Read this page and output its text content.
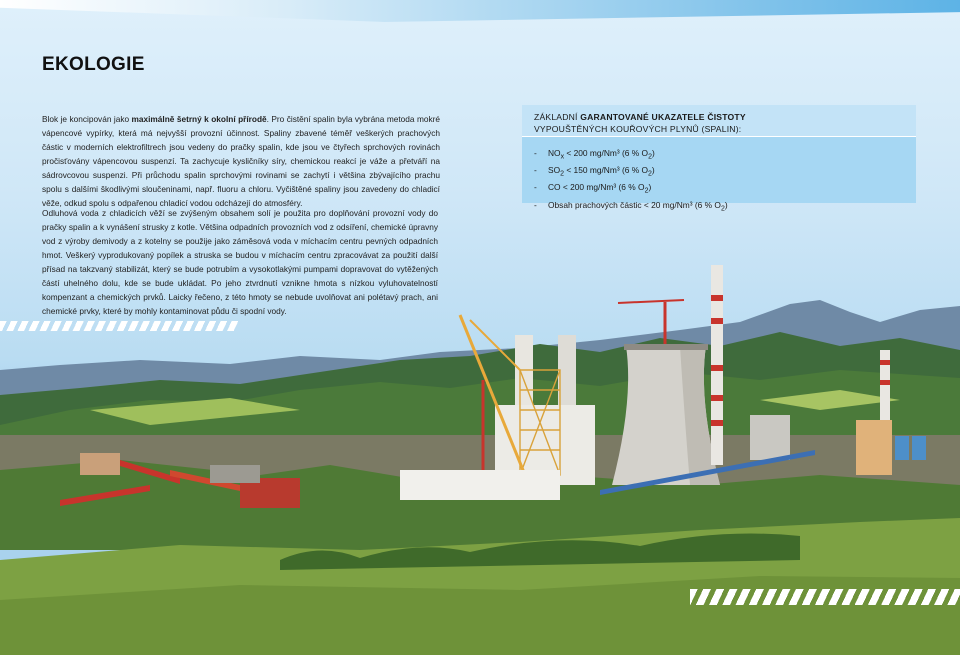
EKOLOGIE

Blok je koncipován jako maximálně šetrný k okolní přírodě. Pro čistění spalin byla vybrána metoda mokré vápencové vypírky, která má nejvyšší provozní účinnost. Spaliny zbavené téměř veškerých prachových částic v moderních elektrofiltrech jsou vedeny do pračky spalin, kde jsou ve čtyřech sprchových rovinách pročisťovány vápencovou suspenzí. Ta zachycuje kysličníky síry, chemickou reakcí je váže a přetváří na sádrovcovou suspenzi. Při průchodu spalin sprchovými rovinami se zachytí i většina zbývajícího prachu spolu s dalšími škodlivými sloučeninami, např. fluoru a chloru. Vyčištěné spaliny jsou zavedeny do chladicí věže, odkud spolu s odpařenou chladicí vodou odcházejí do atmosféry.

Odluhová voda z chladicích věží se zvýšeným obsahem solí je použita pro doplňování provozní vody do pračky spalin a k vynášení strusky z kotle. Většina odpadních provozních vod z odsíření, chemické úpravny vod z výroby demivody a z kotelny se použije jako záměsová voda v míchacím centru pevných odpadních hmot. Veškerý vyprodukovaný popílek a struska se budou v míchacím centru zpracovávat za použití další přísad na takzvaný stabilizát, který se bude potrubím a vysokotlakými pumpami dopravovat do vytěžených částí uhelného dolu, kde se bude ukládat. Po jeho ztvrdnutí vznikne hmota s nízkou vyluhovatelností kompenzant a chemických prvků. Laicky řečeno, z této hmoty se nebude uvolňovat ani polétavý prach, ani chemické prvky, které by mohly kontaminovat půdu či spodní vody.

ZÁKLADNÍ GARANTOVANÉ UKAZATELE ČISTOTY
VYPOUŠTĚNÝCH KOUŘOVÝCH PLYNŮ (SPALIN):
- $NO_x < 200$ mg/Nm³ (6 % $O_2$)
- $SO_2 < 150$ mg/Nm³ (6 % $O_2$)
- CO < 200 mg/Nm³ (6 % $O_2$)
- Obsah prachových částic < 20 mg/Nm³ (6 % $O_2$)
